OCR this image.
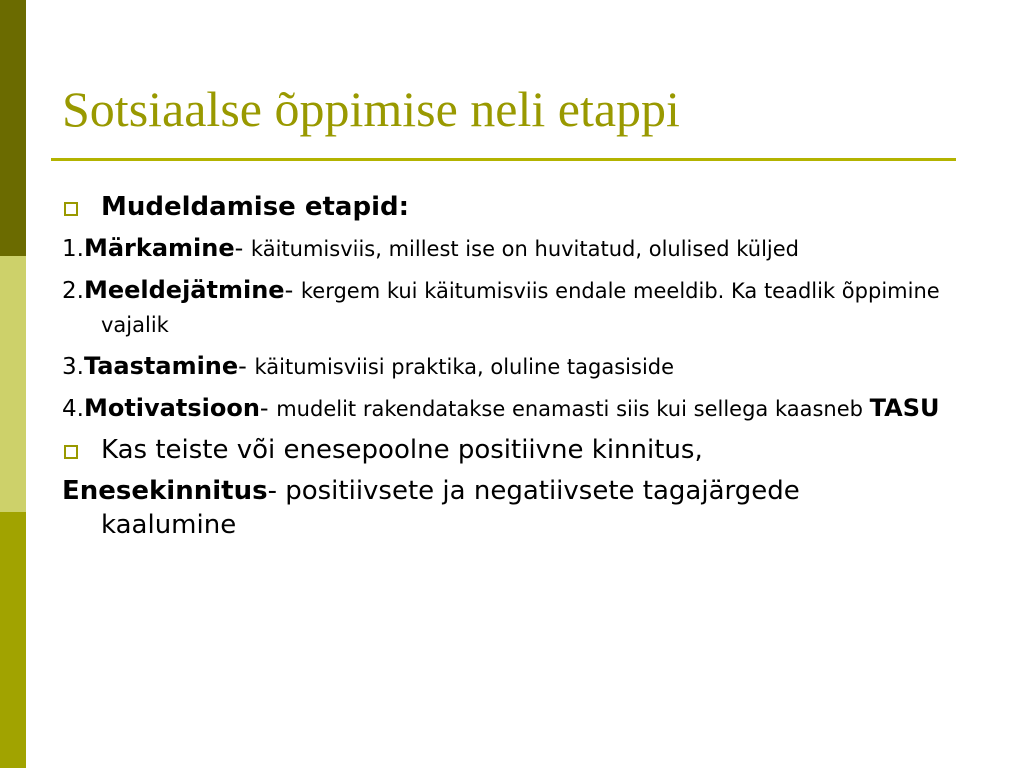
Sotsiaalse õppimise neli etappi
Mudeldamise etapid:
1.Märkamine- käitumisviis, millest ise on huvitatud, olulised küljed
2.Meeldejätmine- kergem kui käitumisviis endale meeldib. Ka teadlik õppimine vajalik
3.Taastamine- käitumisviisi praktika, oluline tagasiside
4.Motivatsioon- mudelit rakendatakse enamasti siis kui sellega kaasneb TASU
Kas teiste või enesepoolne positiivne kinnitus,
Enesekinnitus- positiivsete ja negatiivsete tagajärgede kaalumine
